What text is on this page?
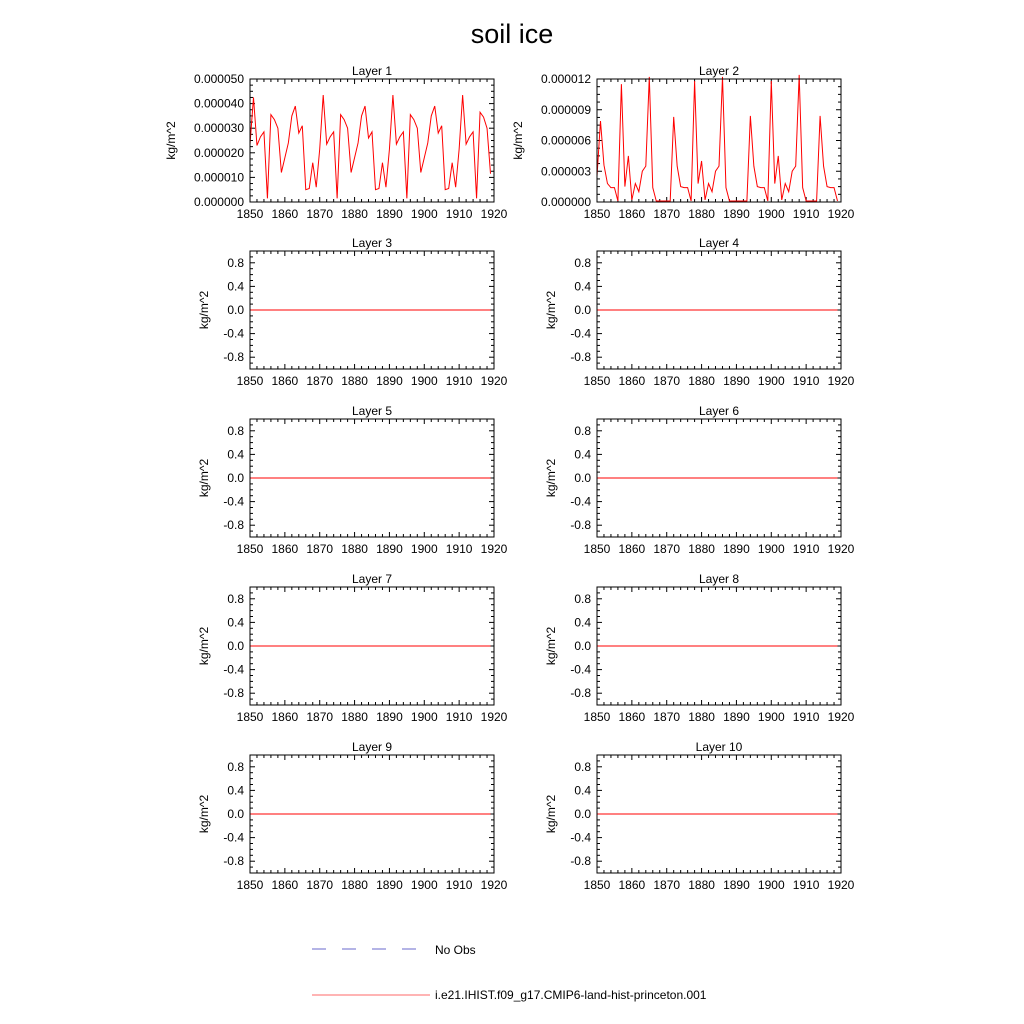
soil ice
Layer 1
1850 1860 1870 1880 1890 1900 1910 1920
0.000000
0.000010
0.000020
0.000030
0.000040
0.000050
kg/m^2
Layer 2
1850 1860 1870 1880 1890 1900 1910 1920
0.000000
0.000003
0.000006
0.000009
0.000012
kg/m^2
Layer 3
1850 1860 1870 1880 1890 1900 1910 1920
-0.8
-0.4
0.0
0.4
0.8
kg/m^2
Layer 4
1850 1860 1870 1880 1890 1900 1910 1920
-0.8
-0.4
0.0
0.4
0.8
kg/m^2
Layer 5
1850 1860 1870 1880 1890 1900 1910 1920
-0.8
-0.4
0.0
0.4
0.8
kg/m^2
Layer 6
1850 1860 1870 1880 1890 1900 1910 1920
-0.8
-0.4
0.0
0.4
0.8
kg/m^2
Layer 7
1850 1860 1870 1880 1890 1900 1910 1920
-0.8
-0.4
0.0
0.4
0.8
kg/m^2
Layer 8
1850 1860 1870 1880 1890 1900 1910 1920
-0.8
-0.4
0.0
0.4
0.8
kg/m^2
Layer 9
1850 1860 1870 1880 1890 1900 1910 1920
-0.8
-0.4
0.0
0.4
0.8
kg/m^2
Layer 10
1850 1860 1870 1880 1890 1900 1910 1920
-0.8
-0.4
0.0
0.4
0.8
kg/m^2
No Obs
i.e21.IHIST.f09_g17.CMIP6-land-hist-princeton.001
